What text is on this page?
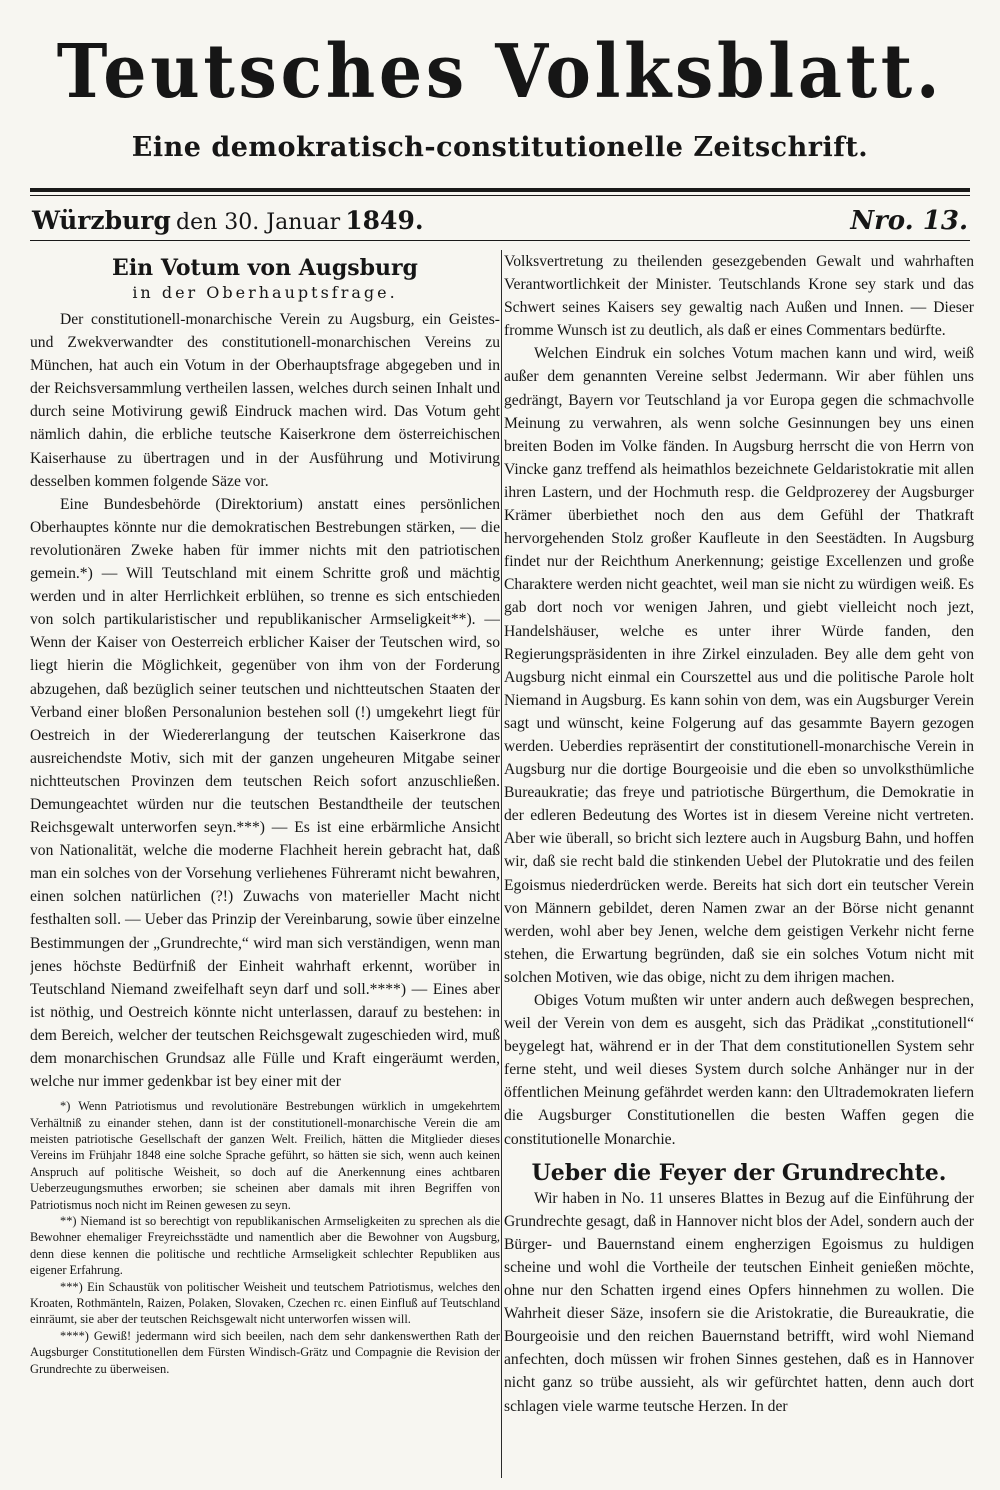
Teutsches Volksblatt.
Eine demokratisch-constitutionelle Zeitschrift.
Würzburg den 30. Januar 1849.	Nro. 13.
Ein Votum von Augsburg
in der Oberhauptsfrage.

Der constitutionell-monarchische Verein zu Augsburg, ein Geistes- und Zwekverwandter des constitutionell-monarchischen Vereins zu München, hat auch ein Votum in der Oberhauptsfrage abgegeben und in der Reichsversammlung vertheilen lassen, welches durch seinen Inhalt und durch seine Motivirung gewiß Eindruck machen wird. Das Votum geht nämlich dahin, die erbliche teutsche Kaiserkrone dem österreichischen Kaiserhause zu übertragen und in der Ausführung und Motivirung desselben kommen folgende Säze vor.

Eine Bundesbehörde (Direktorium) anstatt eines persönlichen Oberhauptes könnte nur die demokratischen Bestrebungen stärken, — die revolutionären Zweke haben für immer nichts mit den patriotischen gemein.*) — Will Teutschland mit einem Schritte groß und mächtig werden und in alter Herrlichkeit erblühen, so trenne es sich entschieden von solch partikularistischer und republikanischer Armseligkeit**). — Wenn der Kaiser von Oesterreich erblicher Kaiser der Teutschen wird, so liegt hierin die Möglichkeit, gegenüber von ihm von der Forderung abzugehen, daß bezüglich seiner teutschen und nichtteutschen Staaten der Verband einer bloßen Personalunion bestehen soll (!) umgekehrt liegt für Oestreich in der Wiedererlangung der teutschen Kaiserkrone das ausreichendste Motiv, sich mit der ganzen ungeheuren Mitgabe seiner nichtteutschen Provinzen dem teutschen Reich sofort anzuschließen. Demungeachtet würden nur die teutschen Bestandtheile der teutschen Reichsgewalt unterworfen seyn.***) — Es ist eine erbärmliche Ansicht von Nationalität, welche die moderne Flachheit herein gebracht hat, daß man ein solches von der Vorsehung verliehenes Führeramt nicht bewahren, einen solchen natürlichen (?!) Zuwachs von materieller Macht nicht festhalten soll. — Ueber das Prinzip der Vereinbarung, sowie über einzelne Bestimmungen der „Grundrechte,“ wird man sich verständigen, wenn man jenes höchste Bedürfniß der Einheit wahrhaft erkennt, worüber in Teutschland Niemand zweifelhaft seyn darf und soll.****) — Eines aber ist nöthig, und Oestreich könnte nicht unterlassen, darauf zu bestehen: in dem Bereich, welcher der teutschen Reichsgewalt zugeschieden wird, muß dem monarchischen Grundsaz alle Fülle und Kraft eingeräumt werden, welche nur immer gedenkbar ist bey einer mit der

*) Wenn Patriotismus und revolutionäre Bestrebungen würklich in umgekehrtem Verhältniß zu einander stehen, dann ist der constitutionell-monarchische Verein die am meisten patriotische Gesellschaft der ganzen Welt. Freilich, hätten die Mitglieder dieses Vereins im Frühjahr 1848 eine solche Sprache geführt, so hätten sie sich, wenn auch keinen Anspruch auf politische Weisheit, so doch auf die Anerkennung eines achtbaren Ueberzeugungsmuthes erworben; sie scheinen aber damals mit ihren Begriffen von Patriotismus noch nicht im Reinen gewesen zu seyn.

**) Niemand ist so berechtigt von republikanischen Armseligkeiten zu sprechen als die Bewohner ehemaliger Freyreichsstädte und namentlich aber die Bewohner von Augsburg, denn diese kennen die politische und rechtliche Armseligkeit schlechter Republiken aus eigener Erfahrung.

***) Ein Schaustük von politischer Weisheit und teutschem Patriotismus, welches den Kroaten, Rothmänteln, Raizen, Polaken, Slovaken, Czechen rc. einen Einfluß auf Teutschland einräumt, sie aber der teutschen Reichsgewalt nicht unterworfen wissen will.

****) Gewiß! jedermann wird sich beeilen, nach dem sehr dankenswerthen Rath der Augsburger Constitutionellen dem Fürsten Windisch-Grätz und Compagnie die Revision der Grundrechte zu überweisen.

Volksvertretung zu theilenden gesezgebenden Gewalt und wahrhaften Verantwortlichkeit der Minister. Teutschlands Krone sey stark und das Schwert seines Kaisers sey gewaltig nach Außen und Innen. — Dieser fromme Wunsch ist zu deutlich, als daß er eines Commentars bedürfte.

Welchen Eindruk ein solches Votum machen kann und wird, weiß außer dem genannten Vereine selbst Jedermann. Wir aber fühlen uns gedrängt, Bayern vor Teutschland ja vor Europa gegen die schmachvolle Meinung zu verwahren, als wenn solche Gesinnungen bey uns einen breiten Boden im Volke fänden. In Augsburg herrscht die von Herrn von Vincke ganz treffend als heimathlos bezeichnete Geldaristokratie mit allen ihren Lastern, und der Hochmuth resp. die Geldprozerey der Augsburger Krämer überbiethet noch den aus dem Gefühl der Thatkraft hervorgehenden Stolz großer Kaufleute in den Seestädten. In Augsburg findet nur der Reichthum Anerkennung; geistige Excellenzen und große Charaktere werden nicht geachtet, weil man sie nicht zu würdigen weiß. Es gab dort noch vor wenigen Jahren, und giebt vielleicht noch jezt, Handelshäuser, welche es unter ihrer Würde fanden, den Regierungspräsidenten in ihre Zirkel einzuladen. Bey alle dem geht von Augsburg nicht einmal ein Courszettel aus und die politische Parole holt Niemand in Augsburg. Es kann sohin von dem, was ein Augsburger Verein sagt und wünscht, keine Folgerung auf das gesammte Bayern gezogen werden. Ueberdies repräsentirt der constitutionell-monarchische Verein in Augsburg nur die dortige Bourgeoisie und die eben so unvolksthümliche Bureaukratie; das freye und patriotische Bürgerthum, die Demokratie in der edleren Bedeutung des Wortes ist in diesem Vereine nicht vertreten. Aber wie überall, so bricht sich leztere auch in Augsburg Bahn, und hoffen wir, daß sie recht bald die stinkenden Uebel der Plutokratie und des feilen Egoismus niederdrücken werde. Bereits hat sich dort ein teutscher Verein von Männern gebildet, deren Namen zwar an der Börse nicht genannt werden, wohl aber bey Jenen, welche dem geistigen Verkehr nicht ferne stehen, die Erwartung begründen, daß sie ein solches Votum nicht mit solchen Motiven, wie das obige, nicht zu dem ihrigen machen.

Obiges Votum mußten wir unter andern auch deßwegen besprechen, weil der Verein von dem es ausgeht, sich das Prädikat „constitutionell“ beygelegt hat, während er in der That dem constitutionellen System sehr ferne steht, und weil dieses System durch solche Anhänger nur in der öffentlichen Meinung gefährdet werden kann: den Ultrademokraten liefern die Augsburger Constitutionellen die besten Waffen gegen die constitutionelle Monarchie.

Ueber die Feyer der Grundrechte.

Wir haben in No. 11 unseres Blattes in Bezug auf die Einführung der Grundrechte gesagt, daß in Hannover nicht blos der Adel, sondern auch der Bürger- und Bauernstand einem engherzigen Egoismus zu huldigen scheine und wohl die Vortheile der teutschen Einheit genießen möchte, ohne nur den Schatten irgend eines Opfers hinnehmen zu wollen. Die Wahrheit dieser Säze, insofern sie die Aristokratie, die Bureaukratie, die Bourgeoisie und den reichen Bauernstand betrifft, wird wohl Niemand anfechten, doch müssen wir frohen Sinnes gestehen, daß es in Hannover nicht ganz so trübe aussieht, als wir gefürchtet hatten, denn auch dort schlagen viele warme teutsche Herzen. In der
